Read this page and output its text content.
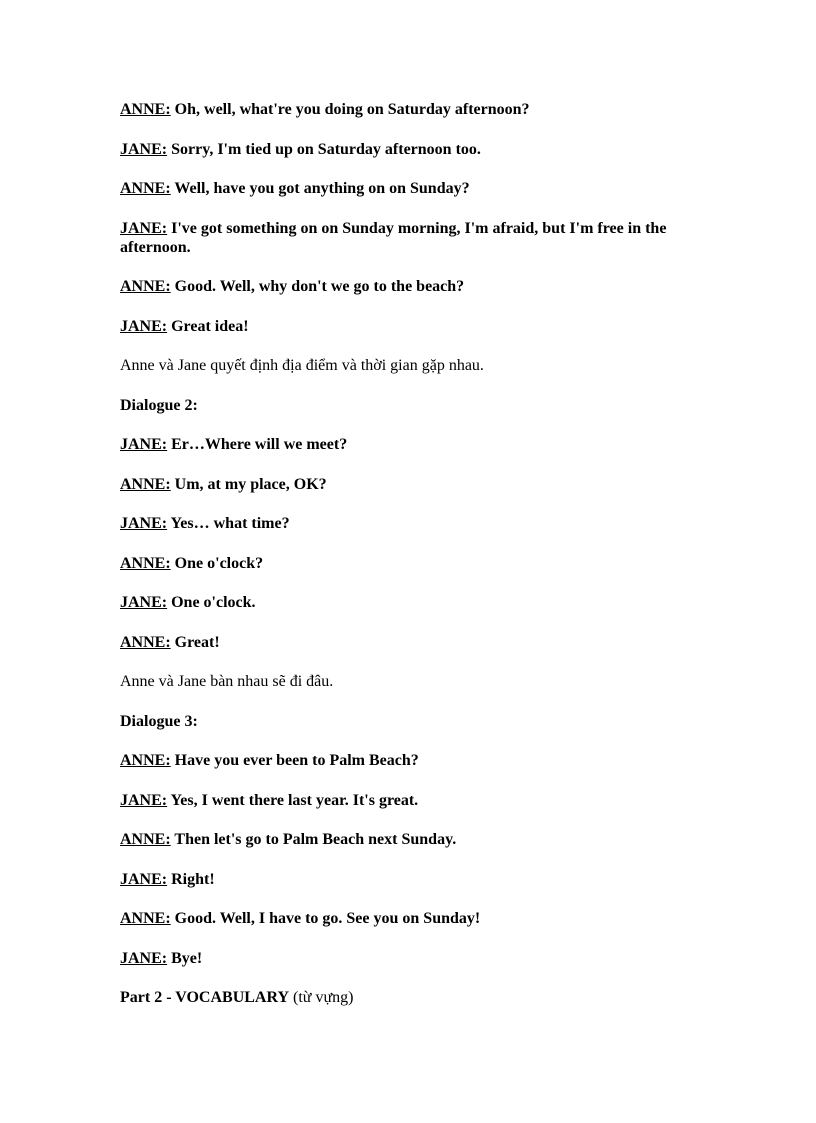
ANNE: Oh, well, what're you doing on Saturday afternoon?

JANE: Sorry, I'm tied up on Saturday afternoon too.

ANNE: Well, have you got anything on on Sunday?

JANE: I've got something on on Sunday morning, I'm afraid, but I'm free in the afternoon.

ANNE: Good. Well, why don't we go to the beach?

JANE: Great idea!

Anne và Jane quyết định địa điểm và thời gian gặp nhau.

Dialogue 2:

JANE: Er…Where will we meet?

ANNE: Um, at my place, OK?

JANE: Yes… what time?

ANNE: One o'clock?

JANE: One o'clock.

ANNE: Great!

Anne và Jane bàn nhau sẽ đi đâu.

Dialogue 3:

ANNE: Have you ever been to Palm Beach?

JANE: Yes, I went there last year. It's great.

ANNE: Then let's go to Palm Beach next Sunday.

JANE: Right!

ANNE: Good. Well, I have to go. See you on Sunday!

JANE: Bye!

Part 2 - VOCABULARY (từ vựng)
